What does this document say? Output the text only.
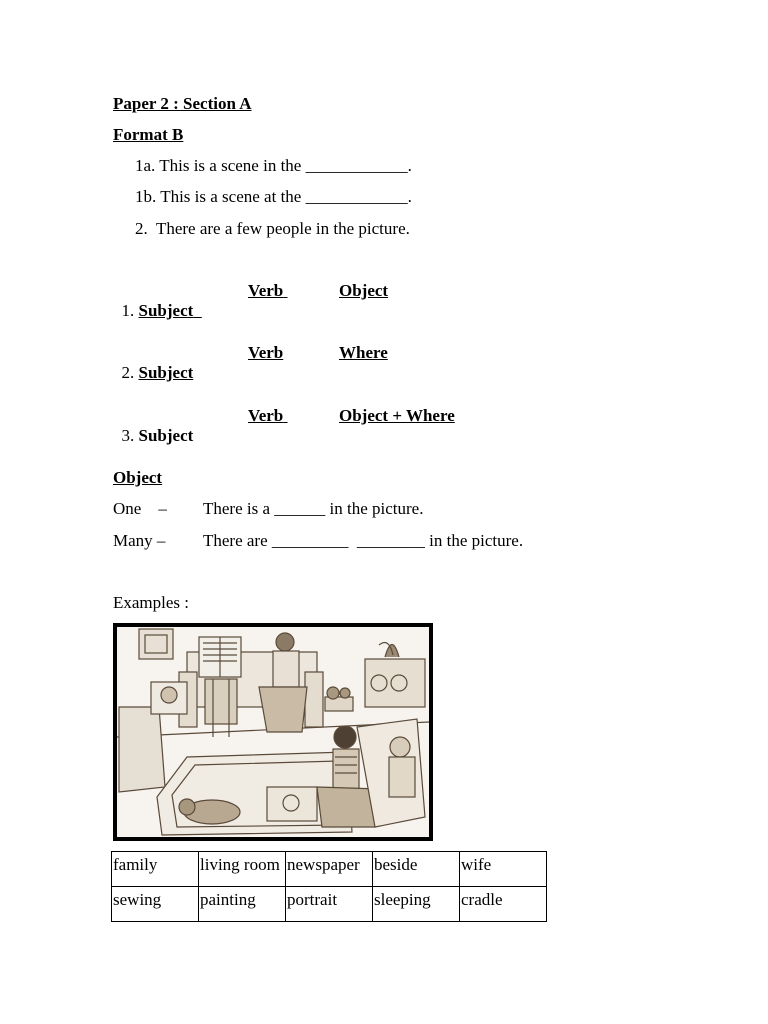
Paper 2 : Section A
Format B
1a. This is a scene in the ____________.
1b. This is a scene at the ____________.
2.  There are a few people in the picture.

1. Subject

Verb	Object

2. Subject

Verb	Where

3. Subject

Verb	Object + Where
Object
One    – There is a ______ in the picture.
Many – There are _________  ________ in the picture.
Examples :
family	living room	newspaper	beside	wife
sewing	painting	portrait	sleeping	cradle
